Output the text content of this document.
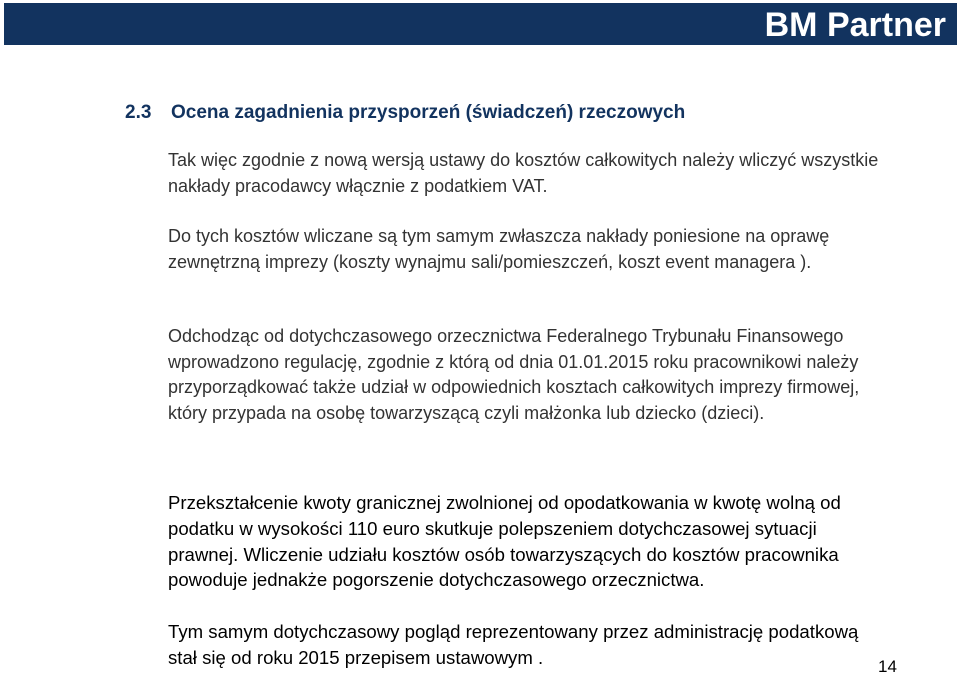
BM Partner
2.3 Ocena zagadnienia przysporzeń (świadczeń) rzeczowych

Tak więc zgodnie z nową wersją ustawy do kosztów całkowitych należy wliczyć wszystkie nakłady pracodawcy włącznie z podatkiem VAT.

Do tych kosztów wliczane są tym samym zwłaszcza nakłady poniesione na oprawę zewnętrzną imprezy (koszty wynajmu sali/pomieszczeń, koszt event managera ).

Odchodząc od dotychczasowego orzecznictwa Federalnego Trybunału Finansowego wprowadzono regulację, zgodnie z którą od dnia 01.01.2015 roku pracownikowi należy przyporządkować także udział w odpowiednich kosztach całkowitych imprezy firmowej, który przypada na osobę towarzyszącą czyli małżonka lub dziecko (dzieci).

Przekształcenie kwoty granicznej zwolnionej od opodatkowania w kwotę wolną od podatku w wysokości 110 euro skutkuje polepszeniem dotychczasowej sytuacji prawnej. Wliczenie udziału kosztów osób towarzyszących do kosztów pracownika powoduje jednakże pogorszenie dotychczasowego orzecznictwa.

Tym samym dotychczasowy pogląd reprezentowany przez administrację podatkową stał się od roku 2015 przepisem ustawowym .	14
